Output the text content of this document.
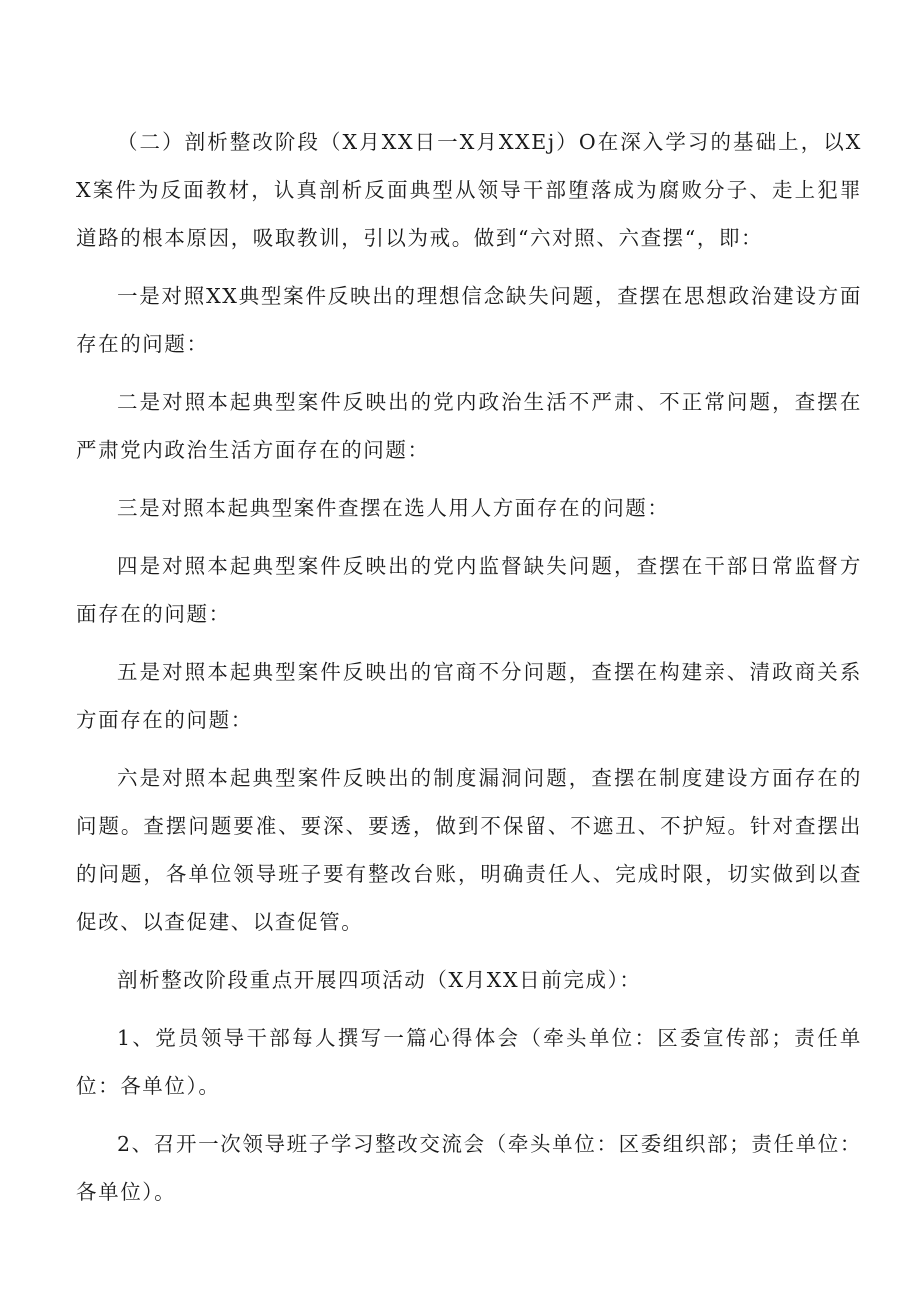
（二）剖析整改阶段（X月XX日一X月XXEj）O在深入学习的基础上，以XX案件为反面教材，认真剖析反面典型从领导干部堕落成为腐败分子、走上犯罪道路的根本原因，吸取教训，引以为戒。做到“六对照、六查摆“，即：

一是对照XX典型案件反映出的理想信念缺失问题，查摆在思想政治建设方面存在的问题：

二是对照本起典型案件反映出的党内政治生活不严肃、不正常问题，查摆在严肃党内政治生活方面存在的问题：

三是对照本起典型案件查摆在选人用人方面存在的问题：

四是对照本起典型案件反映出的党内监督缺失问题，查摆在干部日常监督方面存在的问题：

五是对照本起典型案件反映出的官商不分问题，查摆在构建亲、清政商关系方面存在的问题：

六是对照本起典型案件反映出的制度漏洞问题，查摆在制度建设方面存在的问题。查摆问题要准、要深、要透，做到不保留、不遮丑、不护短。针对查摆出的问题，各单位领导班子要有整改台账，明确责任人、完成时限，切实做到以查促改、以查促建、以查促管。

剖析整改阶段重点开展四项活动（X月XX日前完成）：

1、党员领导干部每人撰写一篇心得体会（牵头单位：区委宣传部；责任单位：各单位）。

2、召开一次领导班子学习整改交流会（牵头单位：区委组织部；责任单位：各单位）。
